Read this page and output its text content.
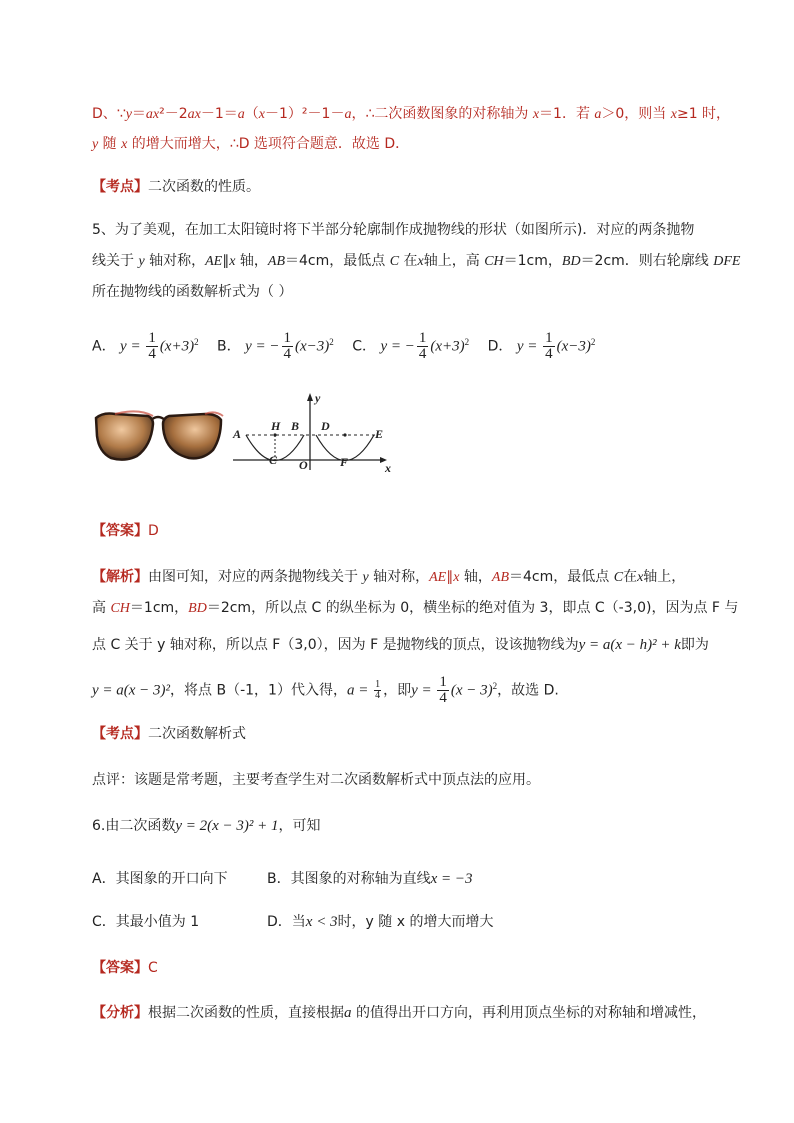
D、∵y＝ax²－2ax－1＝a（x－1）²－1－a，∴二次函数图象的对称轴为 x＝1．若 a＞0，则当 x≥1 时，
y 随 x 的增大而增大，∴D 选项符合题意．故选 D．
【考点】二次函数的性质。
5、为了美观，在加工太阳镜时将下半部分轮廓制作成抛物线的形状（如图所示)．对应的两条抛物
线关于 y 轴对称，AE∥x 轴，AB＝4cm，最低点 C 在x轴上，高 CH＝1cm，BD＝2cm．则右轮廓线 DFE
所在抛物线的函数解析式为（ ）
A． $y = \frac{1}{4} (x+3)^2$ B． y = − $\frac{1}{4} (x-3)^2$ C． y = − $\frac{1}{4} (x+3)^2$ D． $y = \frac{1}{4} (x-3)^2$
y
x
H B D
A	E
C O	F
【答案】D
【解析】由图可知，对应的两条抛物线关于 y 轴对称，AE∥x 轴，AB＝4cm，最低点 C在x轴上，
高 CH＝1cm，BD＝2cm，所以点 C 的纵坐标为 0，横坐标的绝对值为 3，即点 C（-3,0)，因为点 F 与
点 C 关于 y 轴对称，所以点 F（3,0），因为 F 是抛物线的顶点，设该抛物线为y = a(x − h)² + k即为
y = a(x − 3)²，将点 B（-1，1）代入得，$a = \frac{1}{4}$ ，即$y = \frac{1}{4} (x - 3)^2$，故选 D.
【考点】二次函数解析式
点评：该题是常考题，主要考查学生对二次函数解析式中顶点法的应用。
6.由二次函数y = 2(x − 3)² + 1，可知
A．其图象的开口向下	B．其图象的对称轴为直线x = −3
C．其最小值为 1	D．当x < 3时，y 随 x 的增大而增大
【答案】C
【分析】根据二次函数的性质，直接根据a 的值得出开口方向，再利用顶点坐标的对称轴和增减性，
